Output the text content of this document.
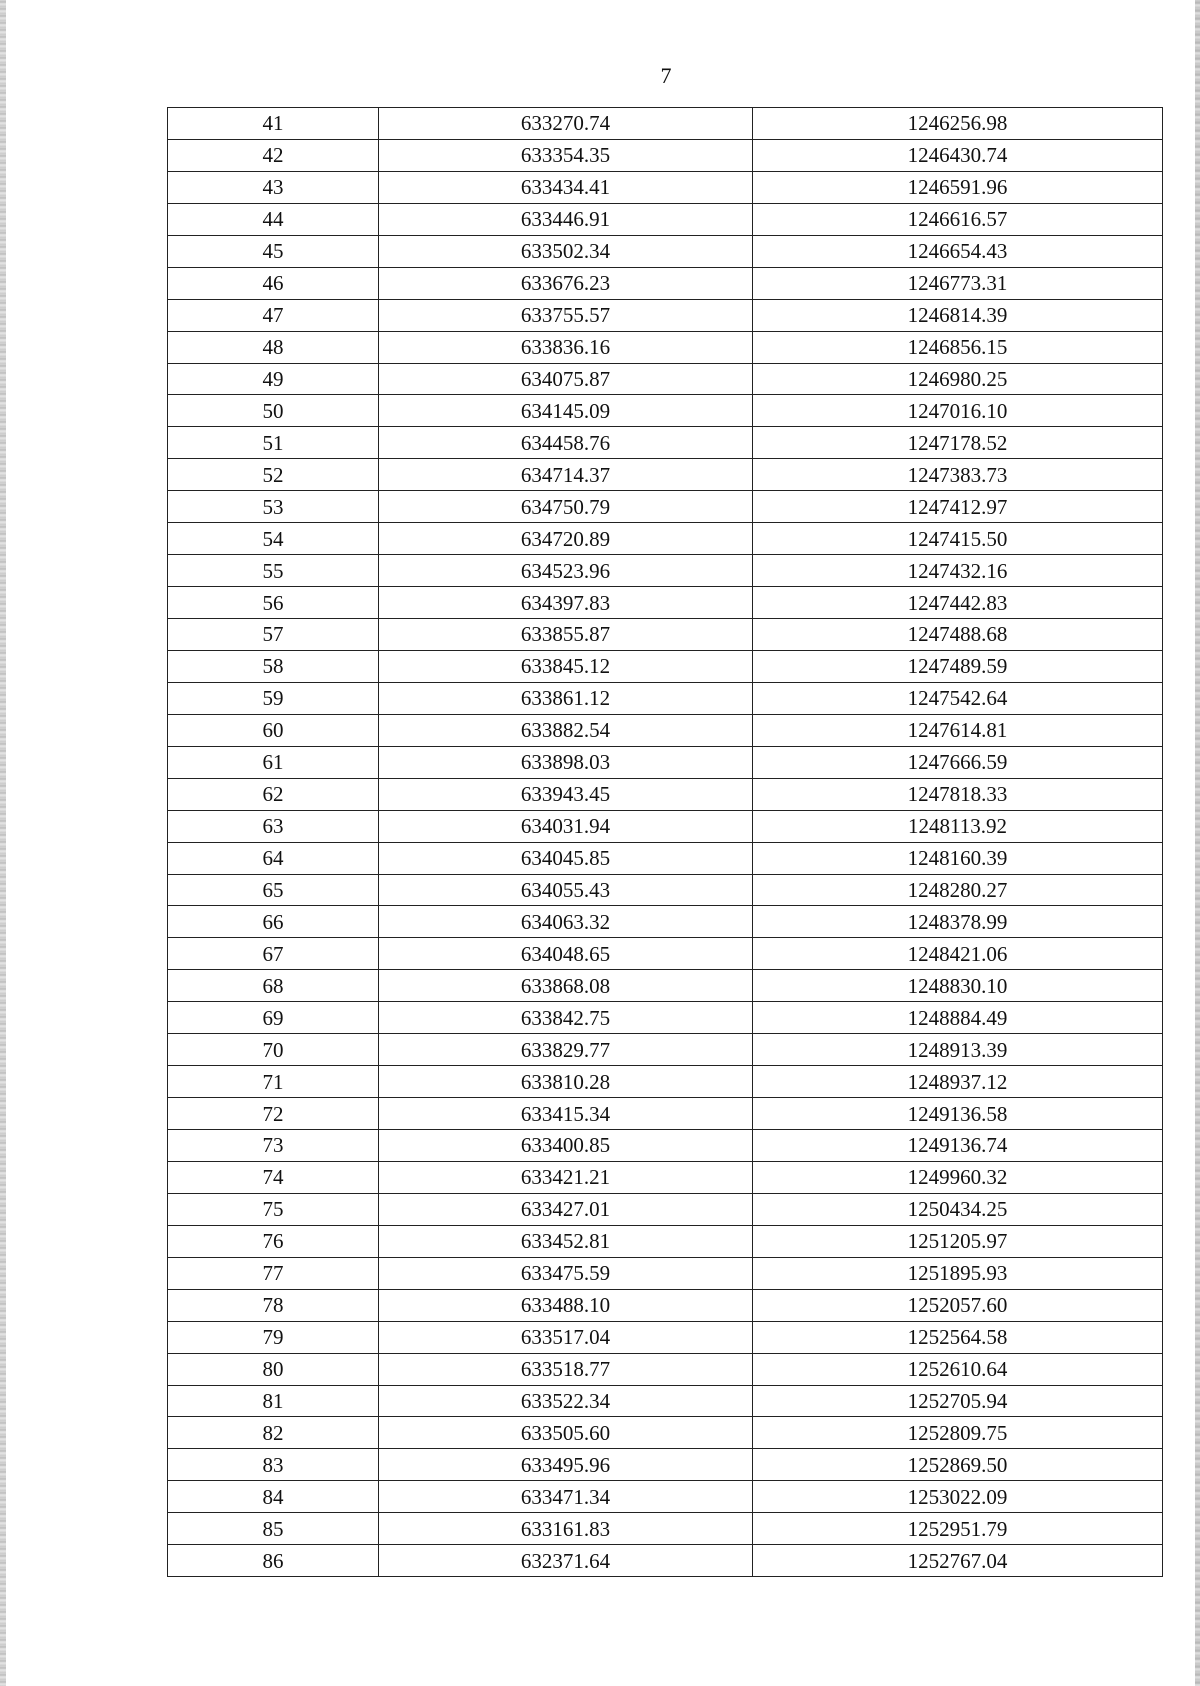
7
41	633270.74	1246256.98
42	633354.35	1246430.74
43	633434.41	1246591.96
44	633446.91	1246616.57
45	633502.34	1246654.43
46	633676.23	1246773.31
47	633755.57	1246814.39
48	633836.16	1246856.15
49	634075.87	1246980.25
50	634145.09	1247016.10
51	634458.76	1247178.52
52	634714.37	1247383.73
53	634750.79	1247412.97
54	634720.89	1247415.50
55	634523.96	1247432.16
56	634397.83	1247442.83
57	633855.87	1247488.68
58	633845.12	1247489.59
59	633861.12	1247542.64
60	633882.54	1247614.81
61	633898.03	1247666.59
62	633943.45	1247818.33
63	634031.94	1248113.92
64	634045.85	1248160.39
65	634055.43	1248280.27
66	634063.32	1248378.99
67	634048.65	1248421.06
68	633868.08	1248830.10
69	633842.75	1248884.49
70	633829.77	1248913.39
71	633810.28	1248937.12
72	633415.34	1249136.58
73	633400.85	1249136.74
74	633421.21	1249960.32
75	633427.01	1250434.25
76	633452.81	1251205.97
77	633475.59	1251895.93
78	633488.10	1252057.60
79	633517.04	1252564.58
80	633518.77	1252610.64
81	633522.34	1252705.94
82	633505.60	1252809.75
83	633495.96	1252869.50
84	633471.34	1253022.09
85	633161.83	1252951.79
86	632371.64	1252767.04
